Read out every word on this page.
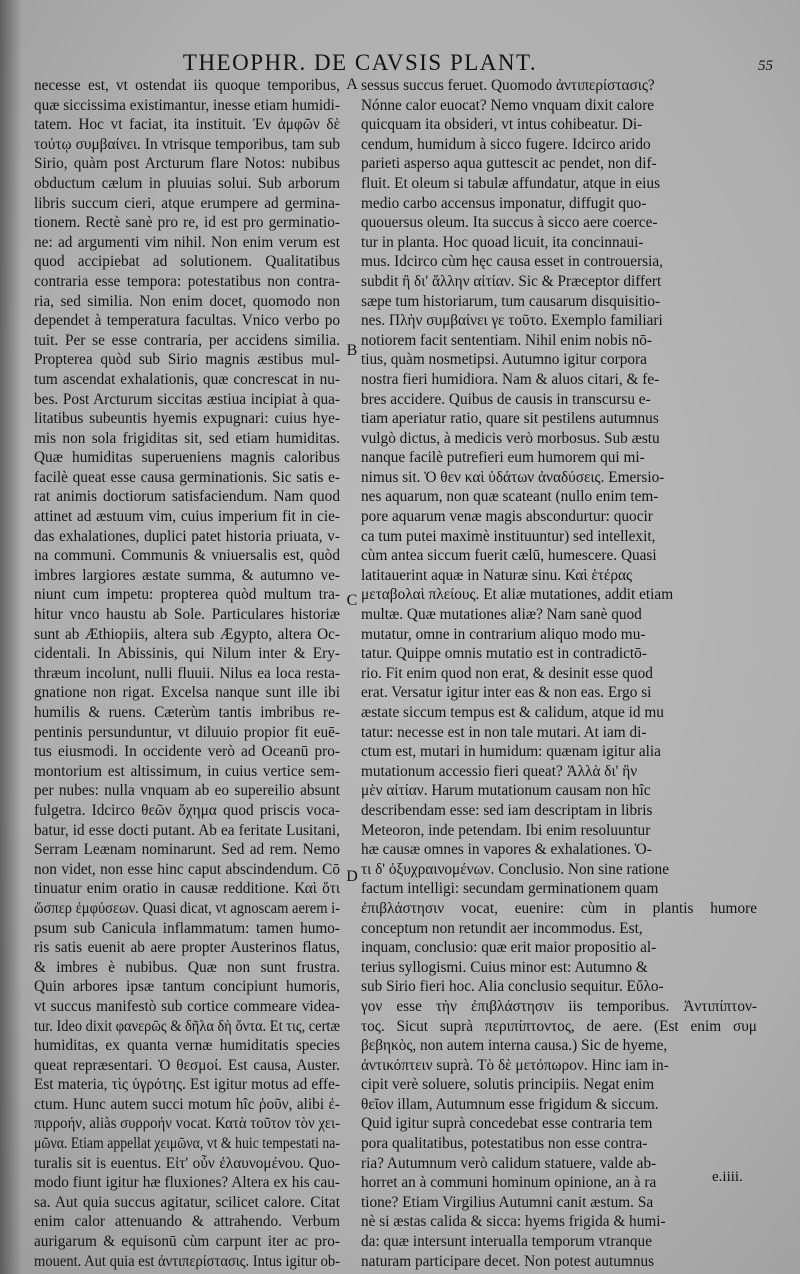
THEOPHR. DE CAVSIS PLANT.	55
A
B
C
D
necesse est, vt ostendat iis quoque temporibus,
quæ siccissima existimantur, inesse etiam humidi-
tatem. Hoc vt faciat, ita instituit. Ἐν ἀμφῶν δὲ
τούτῳ συμβαίνει. In vtrisque temporibus, tam sub
Sirio, quàm post Arcturum flare Notos: nubibus
obductum cælum in pluuias solui. Sub arborum
libris succum cieri, atque erumpere ad germina-
tionem. Rectè sanè pro re, id est pro germinatio-
ne: ad argumenti vim nihil. Non enim verum est
quod accipiebat ad solutionem. Qualitatibus
contraria esse tempora: potestatibus non contra-
ria, sed similia. Non enim docet, quomodo non
dependet à temperatura facultas. Vnico verbo po
tuit. Per se esse contraria, per accidens similia.
Propterea quòd sub Sirio magnis æstibus mul-
tum ascendat exhalationis, quæ concrescat in nu-
bes. Post Arcturum siccitas æstiua incipiat à qua-
litatibus subeuntis hyemis expugnari: cuius hye-
mis non sola frigiditas sit, sed etiam humiditas.
Quæ humiditas superueniens magnis caloribus
facilè queat esse causa germinationis. Sic satis e-
rat animis doctiorum satisfaciendum. Nam quod
attinet ad æstuum vim, cuius imperium fit in cie-
das exhalationes, duplici patet historia priuata, v-
na communi. Communis & vniuersalis est, quòd
imbres largiores æstate summa, & autumno ve-
niunt cum impetu: propterea quòd multum tra-
hitur vnco haustu ab Sole. Particulares historiæ
sunt ab Æthiopiis, altera sub Ægypto, altera Oc-
cidentali. In Abissinis, qui Nilum inter & Ery-
thræum incolunt, nulli fluuii. Nilus ea loca resta-
gnatione non rigat. Excelsa nanque sunt ille ibi
humilis & ruens. Cæterùm tantis imbribus re-
pentinis persunduntur, vt diluuio propior fit euē-
tus eiusmodi. In occidente verò ad Oceanū pro-
montorium est altissimum, in cuius vertice sem-
per nubes: nulla vnquam ab eo supereilio absunt
fulgetra. Idcirco θεῶν ὄχημα quod priscis voca-
batur, id esse docti putant. Ab ea feritate Lusitani,
Serram Leænam nominarunt. Sed ad rem. Nemo
non videt, non esse hinc caput abscindendum. Cō
tinuatur enim oratio in causæ redditione. Καὶ ὅτι
ὥσπερ ἐμφύσεων. Quasi dicat, vt agnoscam aerem i-
psum sub Canicula inflammatum: tamen humo-
ris satis euenit ab aere propter Austerinos flatus,
& imbres è nubibus. Quæ non sunt frustra.
Quin arbores ipsæ tantum concipiunt humoris,
vt succus manifestò sub cortice commeare videa-
tur. Ideo dixit φανερῶς & δῆλα δὴ ὄντα. Et τις, certæ
humiditas, ex quanta vernæ humiditatis species
queat repræsentari. Ὁ θεσμοί. Est causa, Auster.
Est materia, τὶς ὑγρότης. Est igitur motus ad effe-
ctum. Hunc autem succi motum hîc ῥοῦν, alibi ἐ-
πιρροήν, aliàs συρροήν vocat. Κατὰ τοῦτον τὸν χει-
μῶνα. Etiam appellat χειμῶνα, vt & huic tempestati na-
turalis sit is euentus. Εἰτ' οὖν ἐλαυνομένου. Quo-
modo fiunt igitur hæ fluxiones? Altera ex his cau-
sa. Aut quia succus agitatur, scilicet calore. Citat
enim calor attenuando & attrahendo. Verbum
aurigarum & equisonū cùm carpunt iter ac pro-
mouent. Aut quia est ἀντιπερίστασις. Intus igitur ob-
sessus succus feruet. Quomodo ἀντιπερίστασις?
Nónne calor euocat? Nemo vnquam dixit calore
quicquam ita obsideri, vt intus cohibeatur. Di-
cendum, humidum à sicco fugere. Idcirco arido
parieti asperso aqua guttescit ac pendet, non dif-
fluit. Et oleum si tabulæ affundatur, atque in eius
medio carbo accensus imponatur, diffugit quo-
quouersus oleum. Ita succus à sicco aere coerce-
tur in planta. Hoc quoad licuit, ita concinnaui-
mus. Idcirco cùm hęc causa esset in controuersia,
subdit ἢ δι' ἄλλην αἰτίαν. Sic & Præceptor differt
sæpe tum historiarum, tum causarum disquisitio-
nes. Πλὴν συμβαίνει γε τοῦτο. Exemplo familiari
notiorem facit sententiam. Nihil enim nobis nō-
tius, quàm nosmetipsi. Autumno igitur corpora
nostra fieri humidiora. Nam & aluos citari, & fe-
bres accidere. Quibus de causis in transcursu e-
tiam aperiatur ratio, quare sit pestilens autumnus
vulgò dictus, à medicis verò morbosus. Sub æstu
nanque facilè putrefieri eum humorem qui mi-
nimus sit. Ὁ θεν καὶ ὑδάτων ἀναδύσεις. Emersio-
nes aquarum, non quæ scateant (nullo enim tem-
pore aquarum venæ magis abscondurtur: quocir
ca tum putei maximè instituuntur) sed intellexit,
cùm antea siccum fuerit cælū, humescere. Quasi
latitauerint aquæ in Naturæ sinu. Καὶ ἑτέρας
μεταβολαὶ πλείους. Et aliæ mutationes, addit etiam
multæ. Quæ mutationes aliæ? Nam sanè quod
mutatur, omne in contrarium aliquo modo mu-
tatur. Quippe omnis mutatio est in contradictō-
rio. Fit enim quod non erat, & desinit esse quod
erat. Versatur igitur inter eas & non eas. Ergo si
æstate siccum tempus est & calidum, atque id mu
tatur: necesse est in non tale mutari. At iam di-
ctum est, mutari in humidum: quænam igitur alia
mutationum accessio fieri queat? Ἀλλὰ δι' ἣν
μὲν αἰτίαν. Harum mutationum causam non hîc
describendam esse: sed iam descriptam in libris
Meteoron, inde petendam. Ibi enim resoluuntur
hæ causæ omnes in vapores & exhalationes. Ὁ-
τι δ' ὀξυχραινομένων. Conclusio. Non sine ratione
factum intelligi: secundam germinationem quam
ἐπιβλάστησιν vocat, euenire: cùm in plantis humore
conceptum non retundit aer incommodus. Est,
inquam, conclusio: quæ erit maior propositio al-
terius syllogismi. Cuius minor est: Autumno &
sub Sirio fieri hoc. Alia conclusio sequitur. Εὔλο-
γον esse τὴν ἐπιβλάστησιν iis temporibus. Ἀντιπίπτον-
τος. Sicut suprà περιπίπτοντος, de aere. (Est enim συμ
βεβηκὸς, non autem interna causa.) Sic de hyeme,
ἀντικόπτειν suprà. Τὸ δὲ μετόπωρον. Hinc iam in-
cipit verè soluere, solutis principiis. Negat enim
θεῖον illam, Autumnum esse frigidum & siccum.
Quid igitur suprà concedebat esse contraria tem
pora qualitatibus, potestatibus non esse contra-
ria? Autumnum verò calidum statuere, valde ab-
horret an à communi hominum opinione, an à ra
tione? Etiam Virgilius Autumni canit æstum. Sa
nè si æstas calida & sicca: hyems frigida & humi-
da: quæ intersunt interualla temporum vtranque
naturam participare decet. Non potest autumnus
e.iiii.
